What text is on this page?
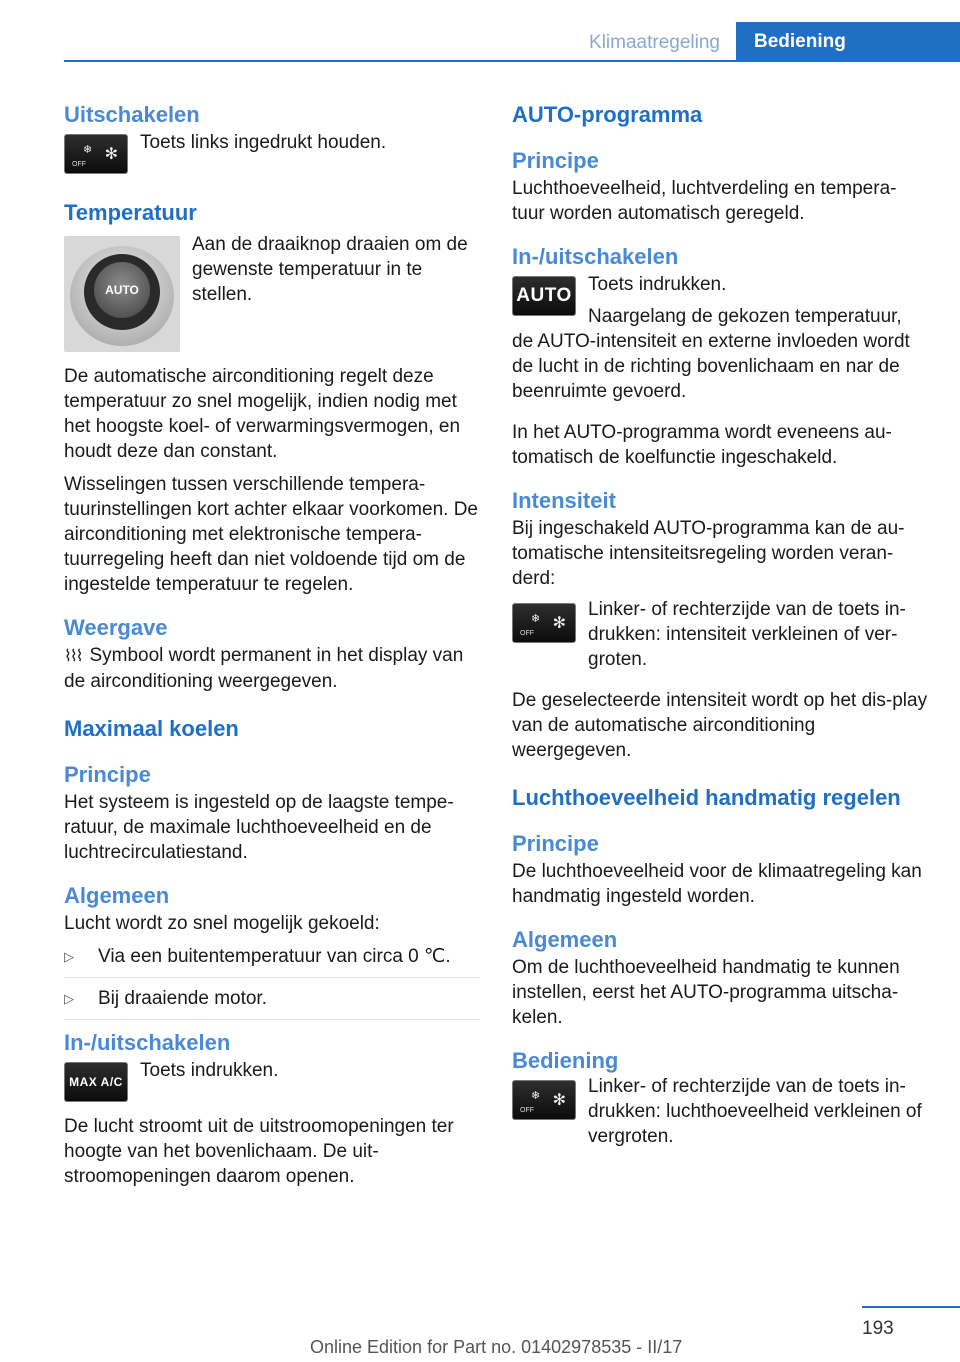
Klimaatregeling	Bediening
Uitschakelen
❄
OFF
✻

Toets links ingedrukt houden.

Temperatuur
AUTO

Aan de draaiknop draaien om de gewenste temperatuur in te stellen.

De automatische airconditioning regelt deze temperatuur zo snel mogelijk, indien nodig met het hoogste koel- of verwarmingsvermogen, en houdt deze dan constant.

Wisselingen tussen verschillende tempera-tuurinstellingen kort achter elkaar voorkomen. De airconditioning met elektronische tempera-tuurregeling heeft dan niet voldoende tijd om de ingestelde temperatuur te regelen.

Weergave

⌇⌇⌇ Symbool wordt permanent in het display van de airconditioning weergegeven.

Maximaal koelen
Principe

Het systeem is ingesteld op de laagste tempe-ratuur, de maximale luchthoeveelheid en de luchtrecirculatiestand.

Algemeen

Lucht wordt zo snel mogelijk gekoeld:

▷ Via een buitentemperatuur van circa 0 ℃.
▷ Bij draaiende motor.
In-/uitschakelen
MAX A/C

Toets indrukken.

De lucht stroomt uit de uitstroomopeningen ter hoogte van het bovenlichaam. De uit-stroomopeningen daarom openen.

AUTO-programma
Principe

Luchthoeveelheid, luchtverdeling en tempera-tuur worden automatisch geregeld.

In-/uitschakelen
AUTO

Toets indrukken.

Naargelang de gekozen temperatuur, de AUTO-intensiteit en externe invloeden wordt de lucht in de richting bovenlichaam en nar de beenruimte gevoerd.

In het AUTO-programma wordt eveneens au-tomatisch de koelfunctie ingeschakeld.

Intensiteit

Bij ingeschakeld AUTO-programma kan de au-tomatische intensiteitsregeling worden veran-derd:

❄
OFF
✻

Linker- of rechterzijde van de toets in-drukken: intensiteit verkleinen of ver-groten.

De geselecteerde intensiteit wordt op het dis-play van de automatische airconditioning weergegeven.

Luchthoeveelheid handmatig regelen
Principe

De luchthoeveelheid voor de klimaatregeling kan handmatig ingesteld worden.

Algemeen

Om de luchthoeveelheid handmatig te kunnen instellen, eerst het AUTO-programma uitscha-kelen.

Bediening
❄
OFF
✻

Linker- of rechterzijde van de toets in-drukken: luchthoeveelheid verkleinen of vergroten.

193
Online Edition for Part no. 01402978535 - II/17
